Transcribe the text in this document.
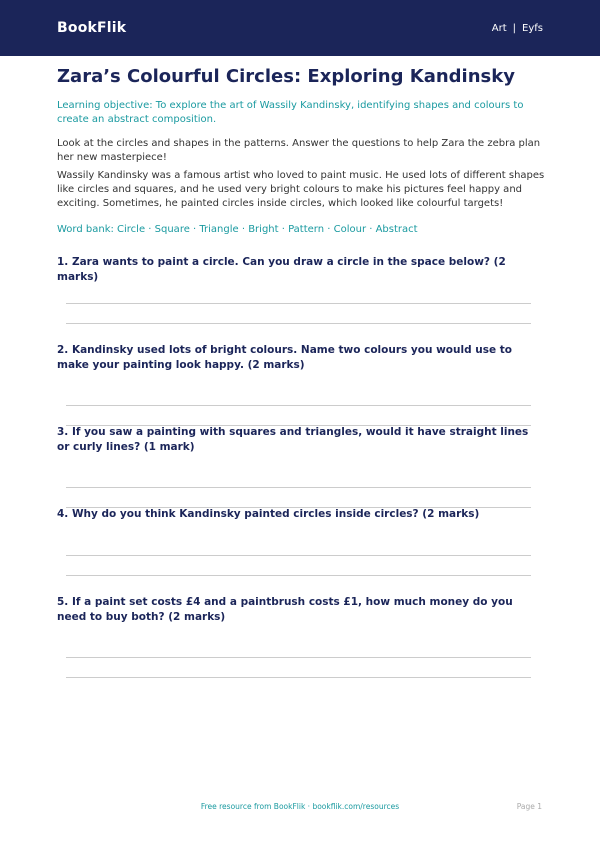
BookFlik	Art | Eyfs
Zara’s Colourful Circles: Exploring Kandinsky

Learning objective: To explore the art of Wassily Kandinsky, identifying shapes and colours to create an abstract composition.

Look at the circles and shapes in the patterns. Answer the questions to help Zara the zebra plan her new masterpiece!

Wassily Kandinsky was a famous artist who loved to paint music. He used lots of different shapes like circles and squares, and he used very bright colours to make his pictures feel happy and exciting. Sometimes, he painted circles inside circles, which looked like colourful targets!

Word bank: Circle · Square · Triangle · Bright · Pattern · Colour · Abstract

1. Zara wants to paint a circle. Can you draw a circle in the space below? (2 marks)

2. Kandinsky used lots of bright colours. Name two colours you would use to make your painting look happy. (2 marks)

3. If you saw a painting with squares and triangles, would it have straight lines or curly lines? (1 mark)

4. Why do you think Kandinsky painted circles inside circles? (2 marks)

5. If a paint set costs £4 and a paintbrush costs £1, how much money do you need to buy both? (2 marks)

Free resource from BookFlik · bookflik.com/resources	Page 1
